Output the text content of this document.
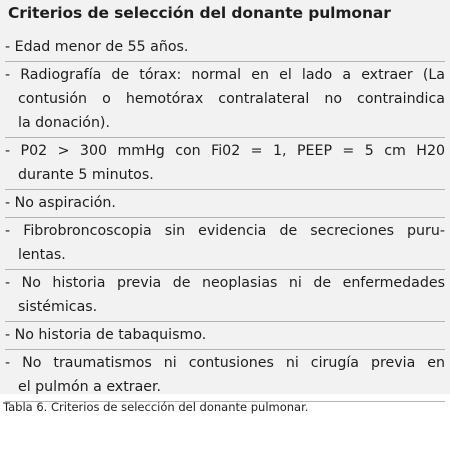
Criterios de selección del donante pulmonar
- Edad menor de 55 años.
- Radiografía de tórax: normal en el lado a extraer (La
contusión o hemotórax contralateral no contraindica
la donación).
- P02 > 300 mmHg con Fi02 = 1, PEEP = 5 cm H20
durante 5 minutos.
- No aspiración.
- Fibrobroncoscopia sin evidencia de secreciones puru-
lentas.
- No historia previa de neoplasias ni de enfermedades
sistémicas.
- No historia de tabaquismo.
- No traumatismos ni contusiones ni cirugía previa en
el pulmón a extraer.
Tabla 6. Criterios de selección del donante pulmonar.
